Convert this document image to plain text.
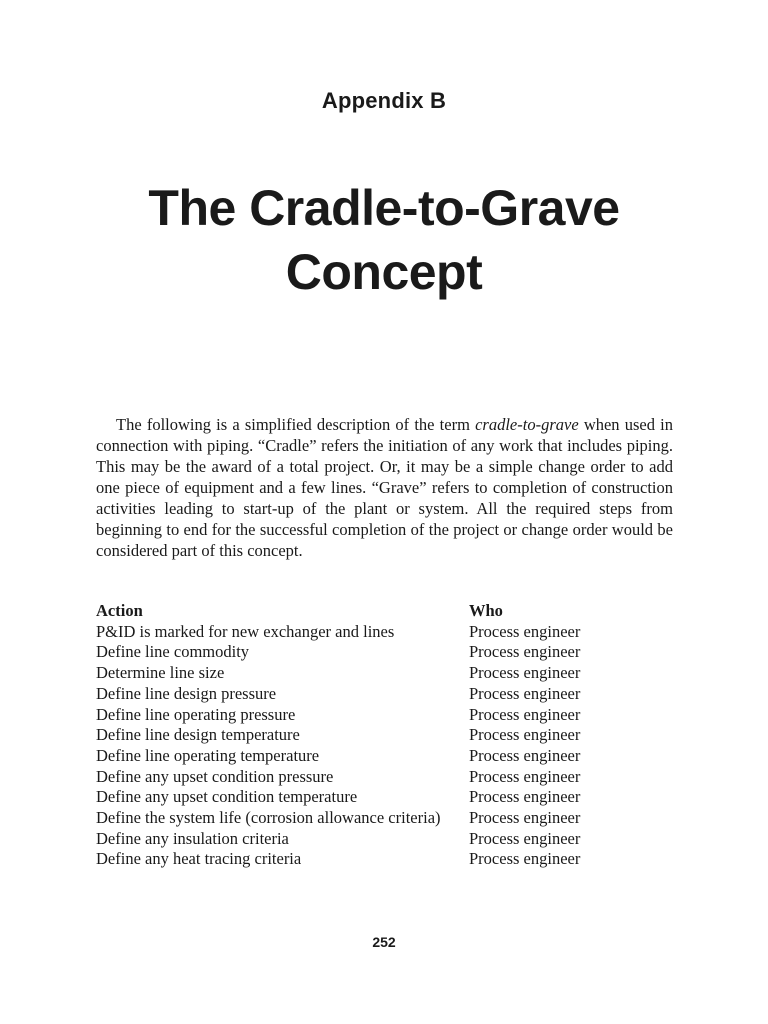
Appendix B
The Cradle-to-Grave
Concept

The following is a simplified description of the term cradle-to-grave when used in connection with piping. “Cradle” refers the initiation of any work that includes piping. This may be the award of a total project. Or, it may be a simple change order to add one piece of equipment and a few lines. “Grave” refers to completion of construction activities leading to start-up of the plant or system. All the required steps from beginning to end for the successful completion of the project or change order would be considered part of this concept.

Action	Who

P&ID is marked for new exchanger and lines	Process engineer

Define line commodity	Process engineer

Determine line size	Process engineer

Define line design pressure	Process engineer

Define line operating pressure	Process engineer

Define line design temperature	Process engineer

Define line operating temperature	Process engineer

Define any upset condition pressure	Process engineer

Define any upset condition temperature	Process engineer

Define the system life (corrosion allowance criteria)	Process engineer

Define any insulation criteria	Process engineer

Define any heat tracing criteria	Process engineer
252
